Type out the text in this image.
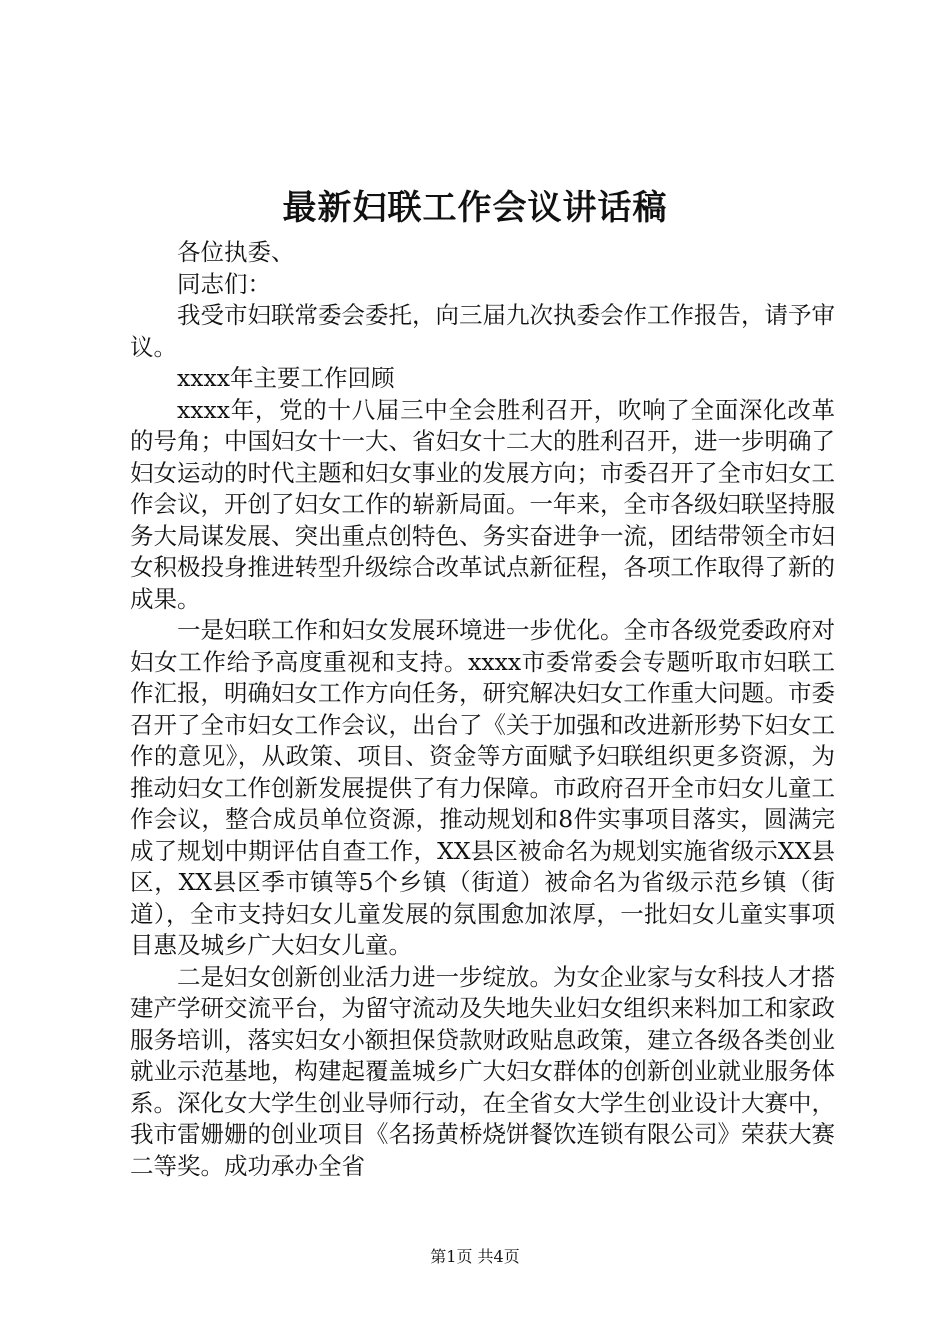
最新妇联工作会议讲话稿

各位执委、

同志们：

我受市妇联常委会委托，向三届九次执委会作工作报告，请予审议。

xxxx年主要工作回顾

xxxx年，党的十八届三中全会胜利召开，吹响了全面深化改革的号角；中国妇女十一大、省妇女十二大的胜利召开，进一步明确了妇女运动的时代主题和妇女事业的发展方向；市委召开了全市妇女工作会议，开创了妇女工作的崭新局面。一年来，全市各级妇联坚持服务大局谋发展、突出重点创特色、务实奋进争一流，团结带领全市妇女积极投身推进转型升级综合改革试点新征程，各项工作取得了新的成果。

一是妇联工作和妇女发展环境进一步优化。全市各级党委政府对妇女工作给予高度重视和支持。xxxx市委常委会专题听取市妇联工作汇报，明确妇女工作方向任务，研究解决妇女工作重大问题。市委召开了全市妇女工作会议，出台了《关于加强和改进新形势下妇女工作的意见》，从政策、项目、资金等方面赋予妇联组织更多资源，为推动妇女工作创新发展提供了有力保障。市政府召开全市妇女儿童工作会议，整合成员单位资源，推动规划和8件实事项目落实，圆满完成了规划中期评估自查工作，XX县区被命名为规划实施省级示XX县区，XX县区季市镇等5个乡镇（街道）被命名为省级示范乡镇（街道），全市支持妇女儿童发展的氛围愈加浓厚，一批妇女儿童实事项目惠及城乡广大妇女儿童。

二是妇女创新创业活力进一步绽放。为女企业家与女科技人才搭建产学研交流平台，为留守流动及失地失业妇女组织来料加工和家政服务培训，落实妇女小额担保贷款财政贴息政策，建立各级各类创业就业示范基地，构建起覆盖城乡广大妇女群体的创新创业就业服务体系。深化女大学生创业导师行动，在全省女大学生创业设计大赛中，我市雷姗姗的创业项目《名扬黄桥烧饼餐饮连锁有限公司》荣获大赛二等奖。成功承办全省

第1页 共4页
